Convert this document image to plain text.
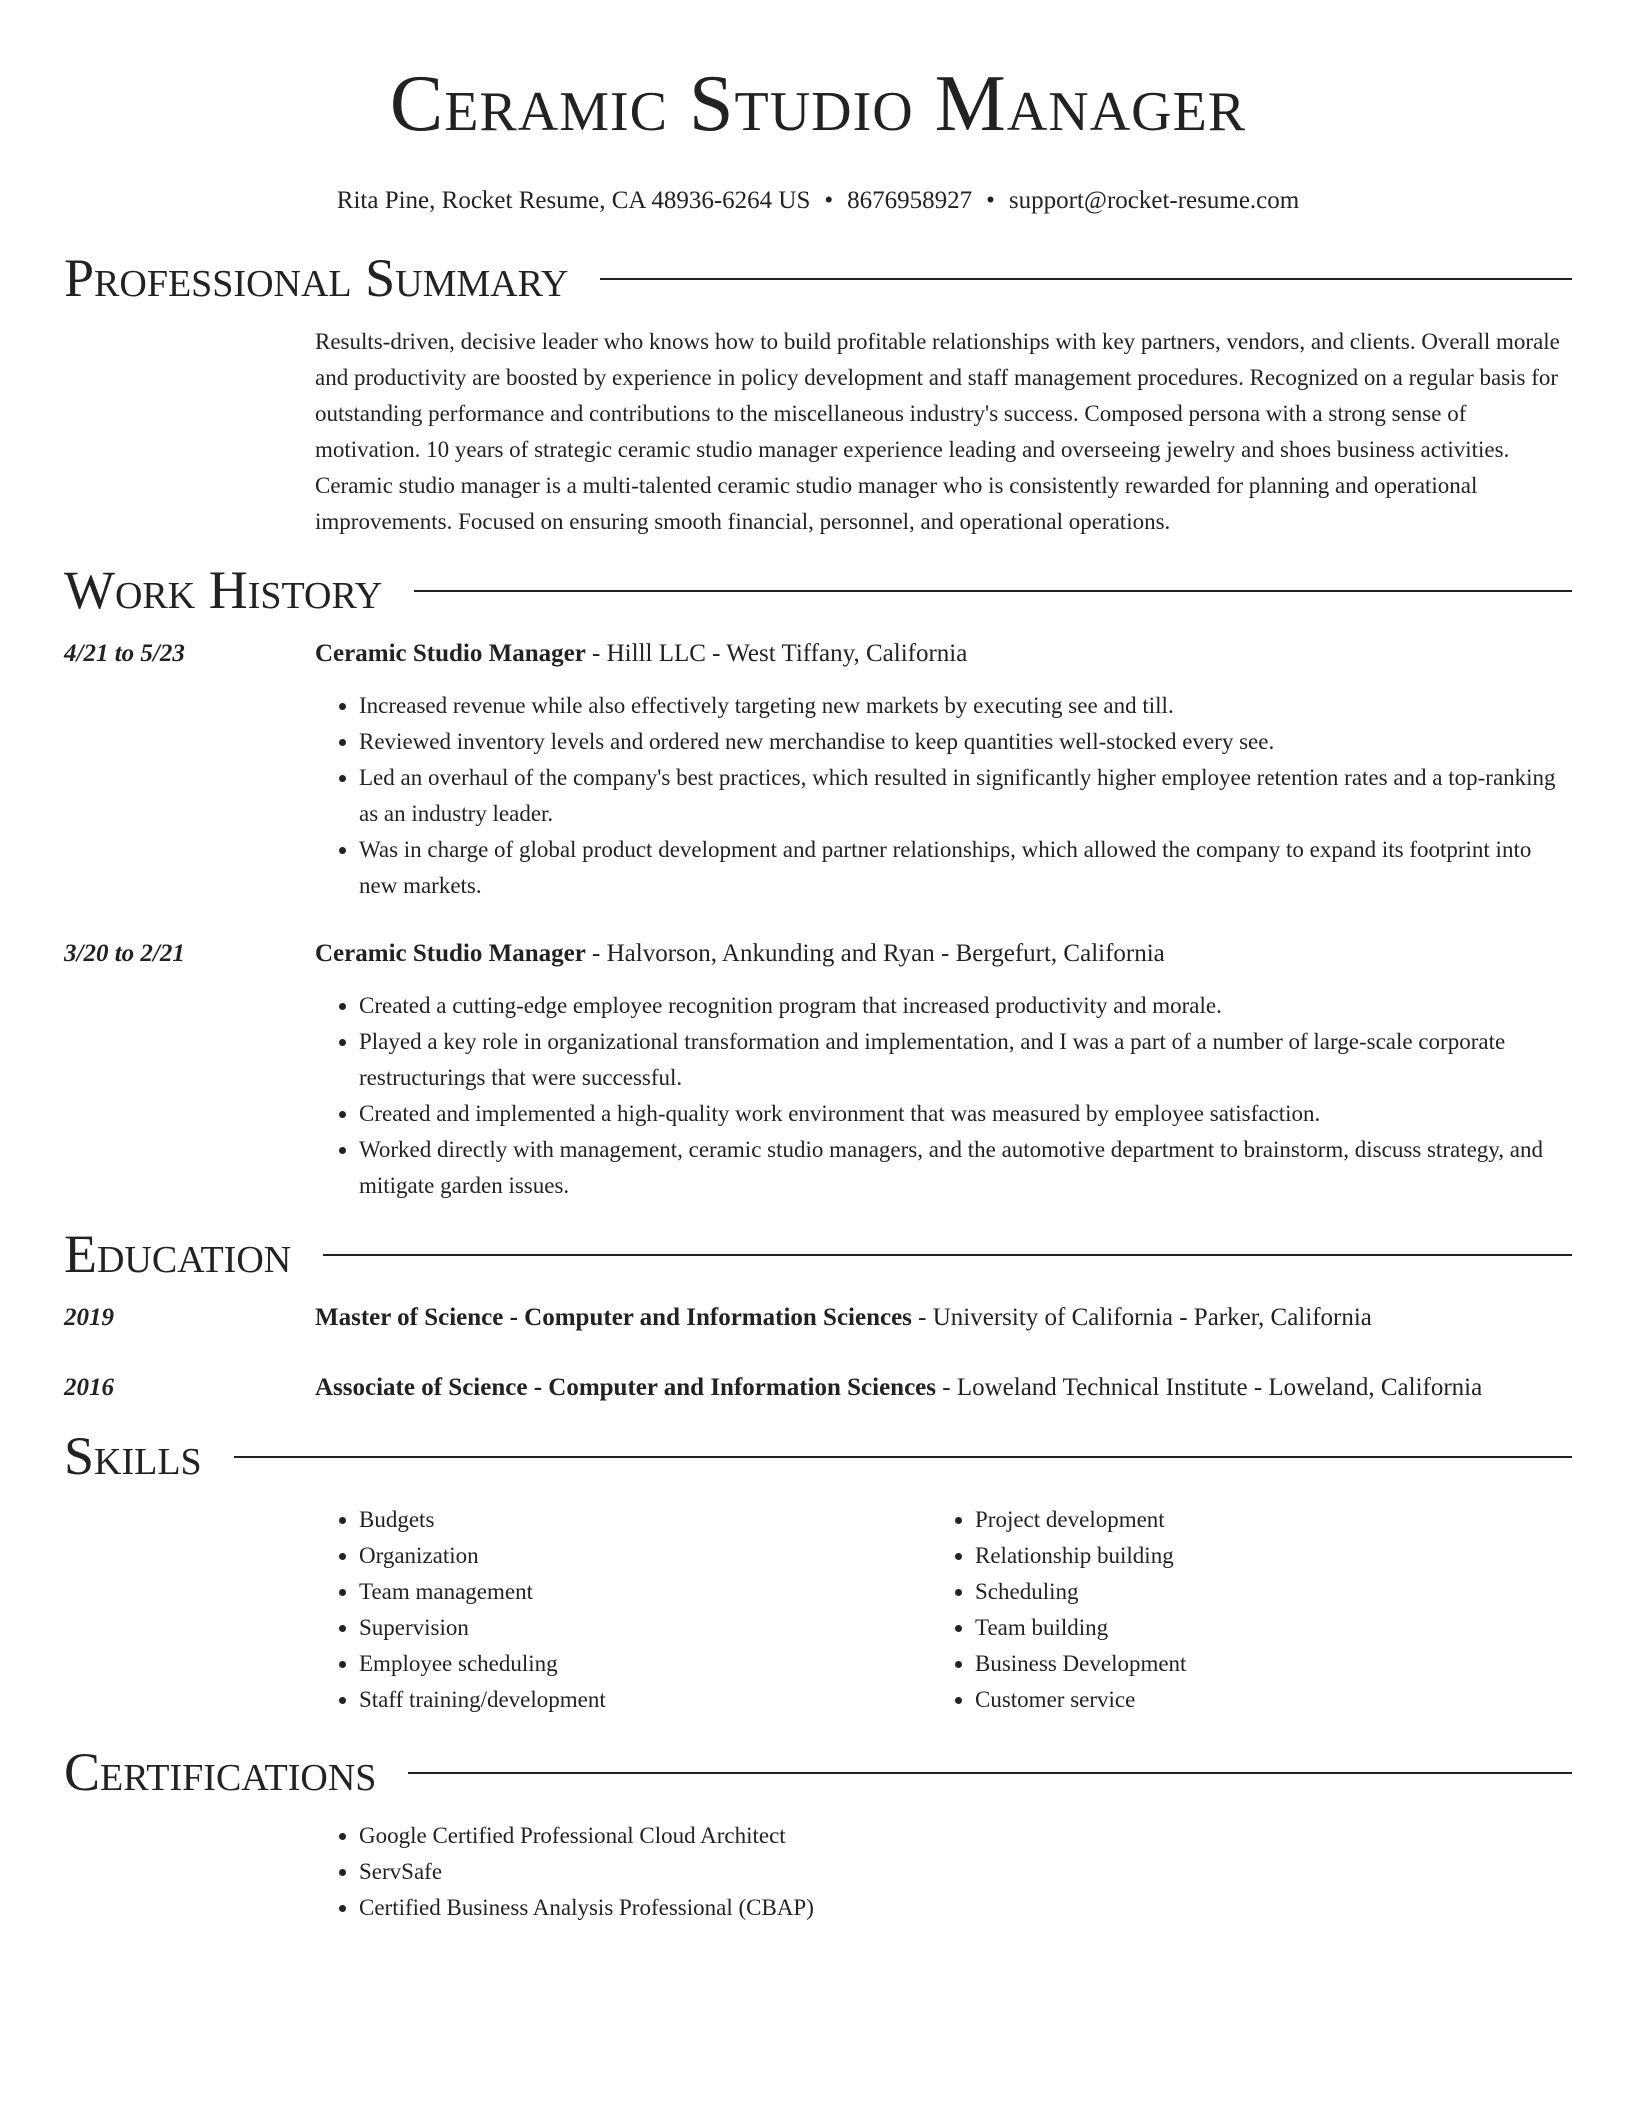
Ceramic Studio Manager
Rita Pine, Rocket Resume, CA 48936-6264 US • 8676958927 • support@rocket-resume.com
Professional Summary
Results-driven, decisive leader who knows how to build profitable relationships with key partners, vendors, and clients. Overall morale and productivity are boosted by experience in policy development and staff management procedures. Recognized on a regular basis for outstanding performance and contributions to the miscellaneous industry's success. Composed persona with a strong sense of motivation. 10 years of strategic ceramic studio manager experience leading and overseeing jewelry and shoes business activities. Ceramic studio manager is a multi-talented ceramic studio manager who is consistently rewarded for planning and operational improvements. Focused on ensuring smooth financial, personnel, and operational operations.
Work History
4/21 to 5/23	Ceramic Studio Manager - Hilll LLC - West Tiffany, California
• Increased revenue while also effectively targeting new markets by executing see and till.
• Reviewed inventory levels and ordered new merchandise to keep quantities well-stocked every see.
• Led an overhaul of the company's best practices, which resulted in significantly higher employee retention rates and a top-ranking as an industry leader.
• Was in charge of global product development and partner relationships, which allowed the company to expand its footprint into new markets.
3/20 to 2/21	Ceramic Studio Manager - Halvorson, Ankunding and Ryan - Bergefurt, California
• Created a cutting-edge employee recognition program that increased productivity and morale.
• Played a key role in organizational transformation and implementation, and I was a part of a number of large-scale corporate restructurings that were successful.
• Created and implemented a high-quality work environment that was measured by employee satisfaction.
• Worked directly with management, ceramic studio managers, and the automotive department to brainstorm, discuss strategy, and mitigate garden issues.
Education
2019	Master of Science - Computer and Information Sciences - University of California - Parker, California
2016	Associate of Science - Computer and Information Sciences - Loweland Technical Institute - Loweland, California
Skills
• Budgets
• Organization
• Team management
• Supervision
• Employee scheduling
• Staff training/development
• Project development
• Relationship building
• Scheduling
• Team building
• Business Development
• Customer service
Certifications
• Google Certified Professional Cloud Architect
• ServSafe
• Certified Business Analysis Professional (CBAP)
